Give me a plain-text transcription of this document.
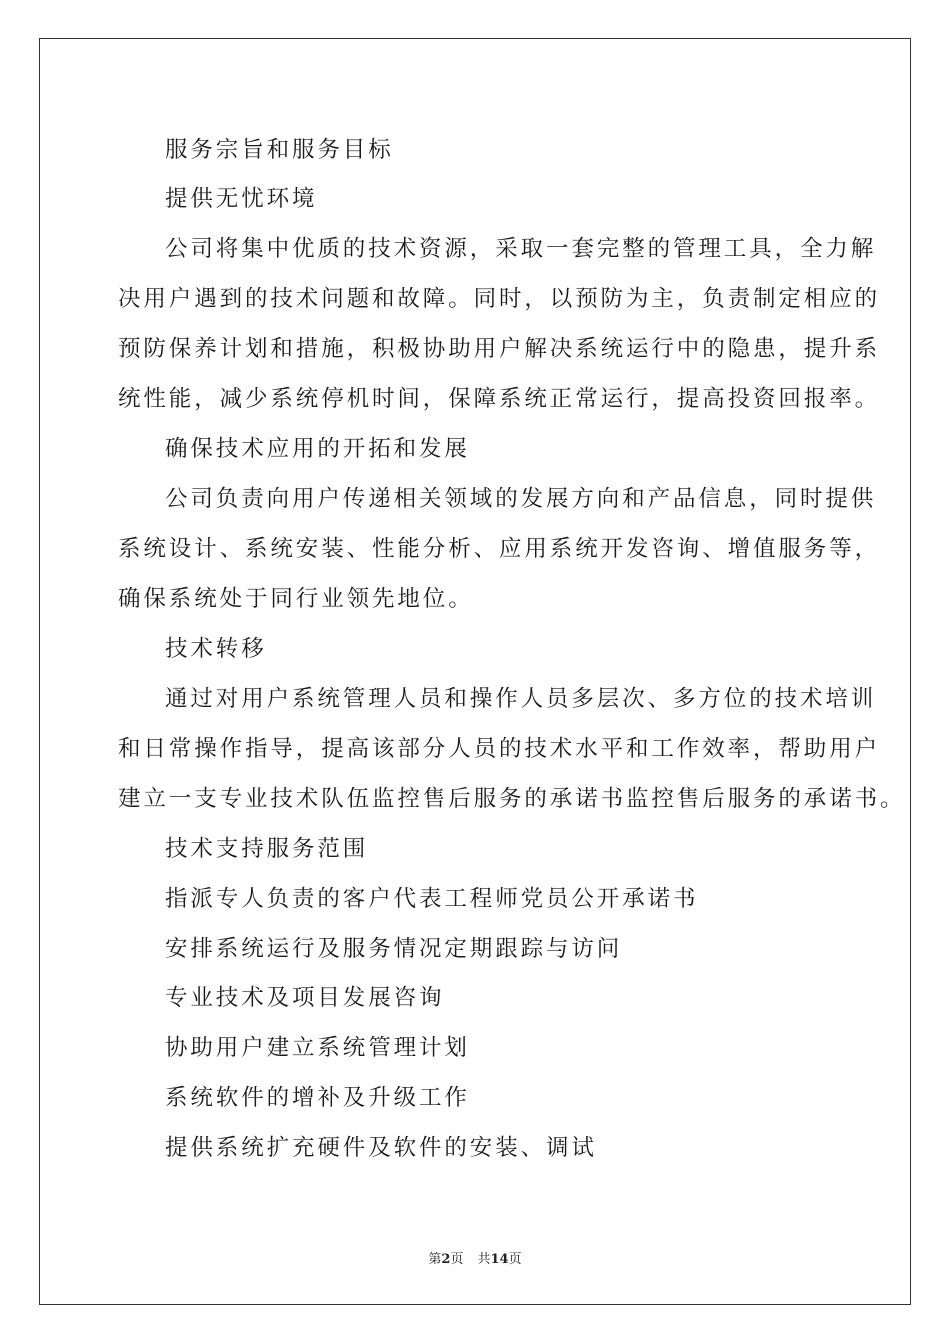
服务宗旨和服务目标
提供无忧环境
公司将集中优质的技术资源，采取一套完整的管理工具，全力解
决用户遇到的技术问题和故障。同时，以预防为主，负责制定相应的
预防保养计划和措施，积极协助用户解决系统运行中的隐患，提升系
统性能，减少系统停机时间，保障系统正常运行，提高投资回报率。
确保技术应用的开拓和发展
公司负责向用户传递相关领域的发展方向和产品信息，同时提供
系统设计、系统安装、性能分析、应用系统开发咨询、增值服务等，
确保系统处于同行业领先地位。
技术转移
通过对用户系统管理人员和操作人员多层次、多方位的技术培训
和日常操作指导，提高该部分人员的技术水平和工作效率，帮助用户
建立一支专业技术队伍监控售后服务的承诺书监控售后服务的承诺书。
技术支持服务范围
指派专人负责的客户代表工程师党员公开承诺书
安排系统运行及服务情况定期跟踪与访问
专业技术及项目发展咨询
协助用户建立系统管理计划
系统软件的增补及升级工作
提供系统扩充硬件及软件的安装、调试
第2页 共14页
